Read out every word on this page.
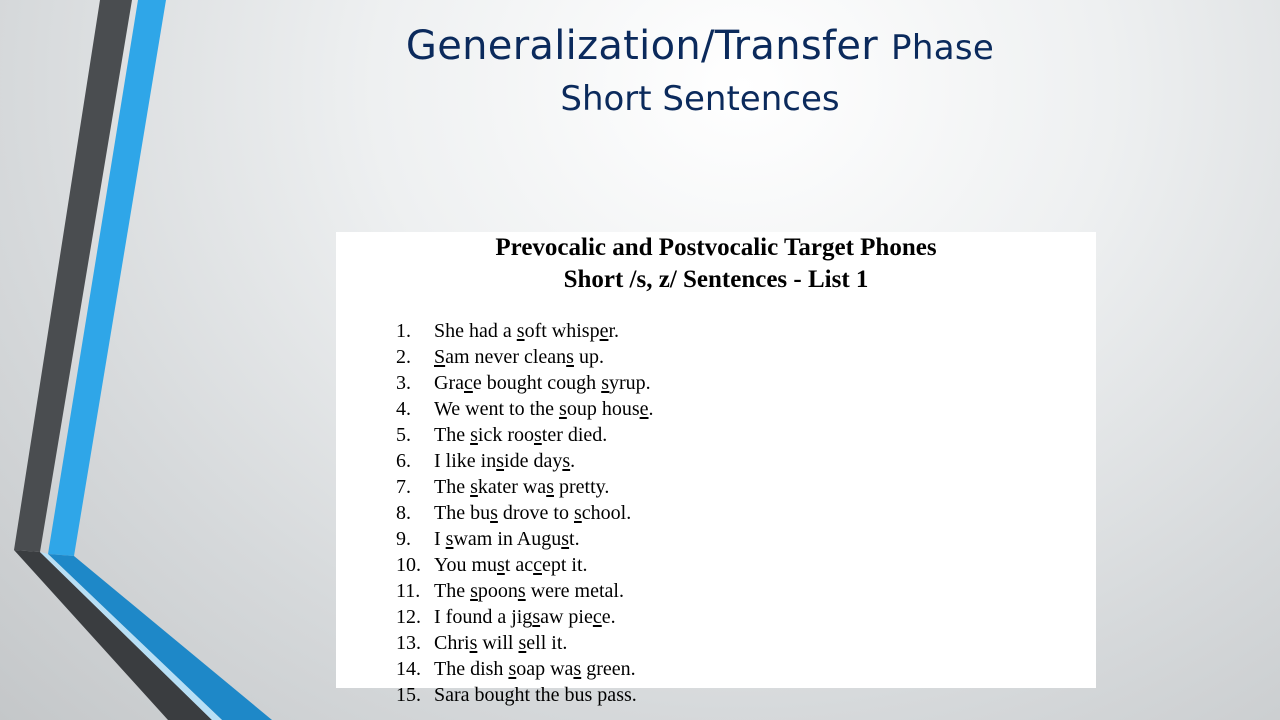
Generalization/Transfer Phase
Short Sentences
Prevocalic and Postvocalic Target Phones
Short /s, z/ Sentences - List 1
1. She had a soft whisper.
2. Sam never cleans up.
3. Grace bought cough syrup.
4. We went to the soup house.
5. The sick rooster died.
6. I like inside days.
7. The skater was pretty.
8. The bus drove to school.
9. I swam in August.
10. You must accept it.
11. The spoons were metal.
12. I found a jigsaw piece.
13. Chris will sell it.
14. The dish soap was green.
15. Sara bought the bus pass.
